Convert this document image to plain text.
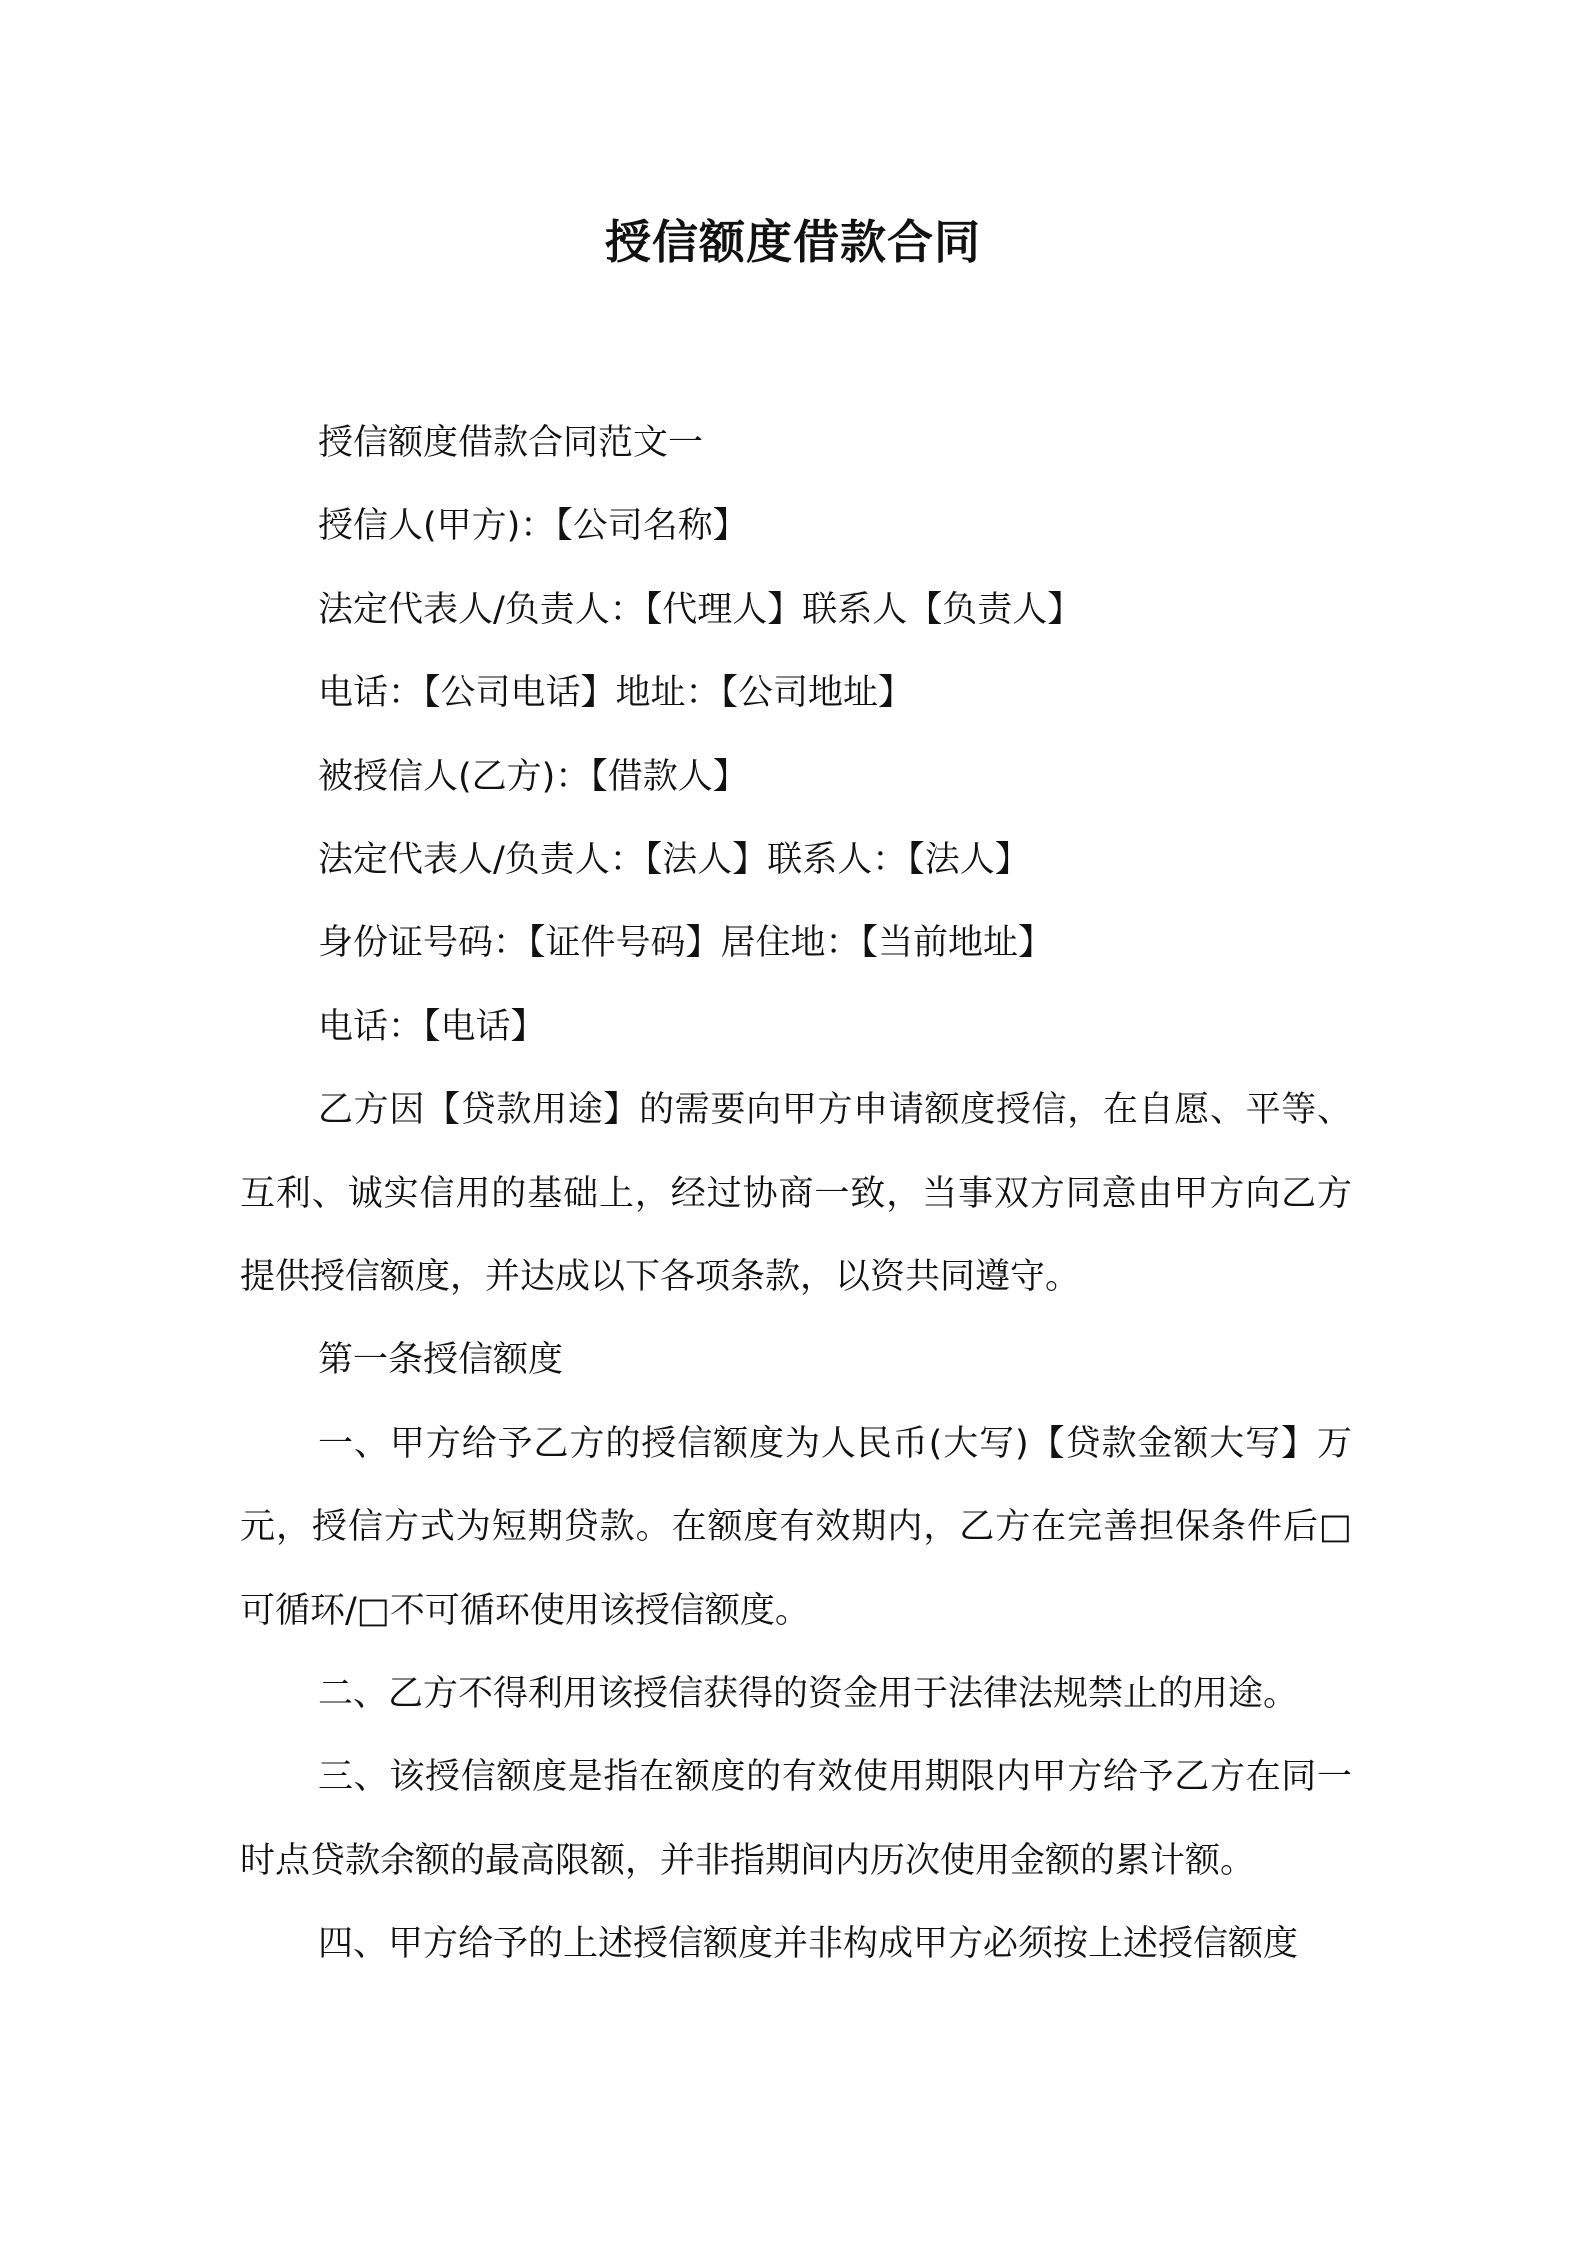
授信额度借款合同
授信额度借款合同范文一
授信人(甲方)：【公司名称】
法定代表人/负责人：【代理人】联系人【负责人】
电话：【公司电话】地址：【公司地址】
被授信人(乙方)：【借款人】
法定代表人/负责人：【法人】联系人：【法人】
身份证号码：【证件号码】居住地：【当前地址】
电话：【电话】
乙方因【贷款用途】的需要向甲方申请额度授信，在自愿、平等、互利、诚实信用的基础上，经过协商一致，当事双方同意由甲方向乙方提供授信额度，并达成以下各项条款，以资共同遵守。
第一条授信额度
一、甲方给予乙方的授信额度为人民币(大写)【贷款金额大写】万元，授信方式为短期贷款。在额度有效期内，乙方在完善担保条件后□可循环/□不可循环使用该授信额度。
二、乙方不得利用该授信获得的资金用于法律法规禁止的用途。
三、该授信额度是指在额度的有效使用期限内甲方给予乙方在同一时点贷款余额的最高限额，并非指期间内历次使用金额的累计额。
四、甲方给予的上述授信额度并非构成甲方必须按上述授信额度
